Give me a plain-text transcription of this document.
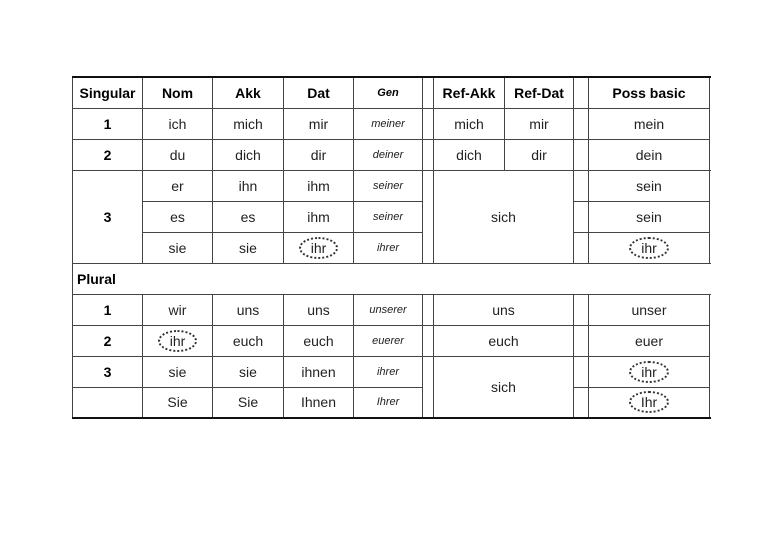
Singular	Nom	Akk	Dat	Gen		Ref-Akk	Ref-Dat		Poss basic	
1	ich	mich	mir	meiner		mich	mir		mein	
2	du	dich	dir	deiner		dich	dir		dein	
3	er	ihn	ihm	seiner		sich			sein	
	es	es	ihm	seiner					sein	
	sie	sie	ihr	ihrer					ihr	
Plural										
1	wir	uns	uns	unserer		uns			unser	
2	ihr	euch	euch	euerer		euch			euer	
3	sie	sie	ihnen	ihrer		sich			ihr	
	Sie	Sie	Ihnen	Ihrer					Ihr	
